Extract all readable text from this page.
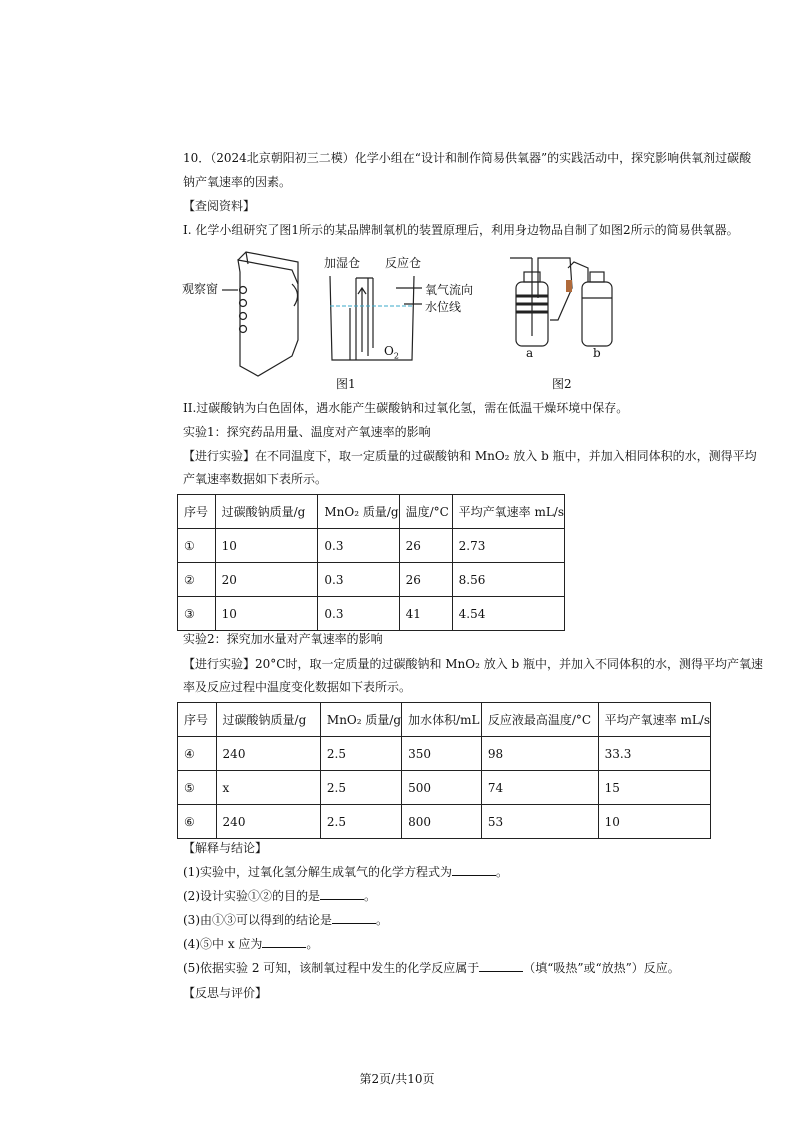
10．（2024北京朝阳初三二模）化学小组在“设计和制作简易供氧器”的实践活动中，探究影响供氧剂过碳酸
钠产氧速率的因素。
【查阅资料】
I. 化学小组研究了图1所示的某品牌制氧机的装置原理后，利用身边物品自制了如图2所示的简易供氧器。
观察窗
加湿仓 反应仓
氧气流向
水位线
$O_2$
图1	图2
a	b
II.过碳酸钠为白色固体，遇水能产生碳酸钠和过氧化氢，需在低温干燥环境中保存。
实验1：探究药品用量、温度对产氧速率的影响
【进行实验】在不同温度下，取一定质量的过碳酸钠和 MnO₂ 放入 b 瓶中，并加入相同体积的水，测得平均
产氧速率数据如下表所示。
序号	过碳酸钠质量/g	MnO₂ 质量/g	温度/°C	平均产氧速率 mL/s
①	10	0.3	26	2.73
②	20	0.3	26	8.56
③	10	0.3	41	4.54
实验2：探究加水量对产氧速率的影响
【进行实验】20°C时，取一定质量的过碳酸钠和 MnO₂ 放入 b 瓶中，并加入不同体积的水，测得平均产氧速
率及反应过程中温度变化数据如下表所示。
序号	过碳酸钠质量/g	MnO₂ 质量/g	加水体积/mL	反应液最高温度/°C	平均产氧速率 mL/s
④	240	2.5	350	98	33.3
⑤	x	2.5	500	74	15
⑥	240	2.5	800	53	10
【解释与结论】
(1)实验中，过氧化氢分解生成氧气的化学方程式为	。
(2)设计实验①②的目的是	。
(3)由①③可以得到的结论是	。
(4)⑤中 x 应为	。
(5)依据实验 2 可知，该制氧过程中发生的化学反应属于	（填“吸热”或“放热”）反应。
【反思与评价】
第2页/共10页
